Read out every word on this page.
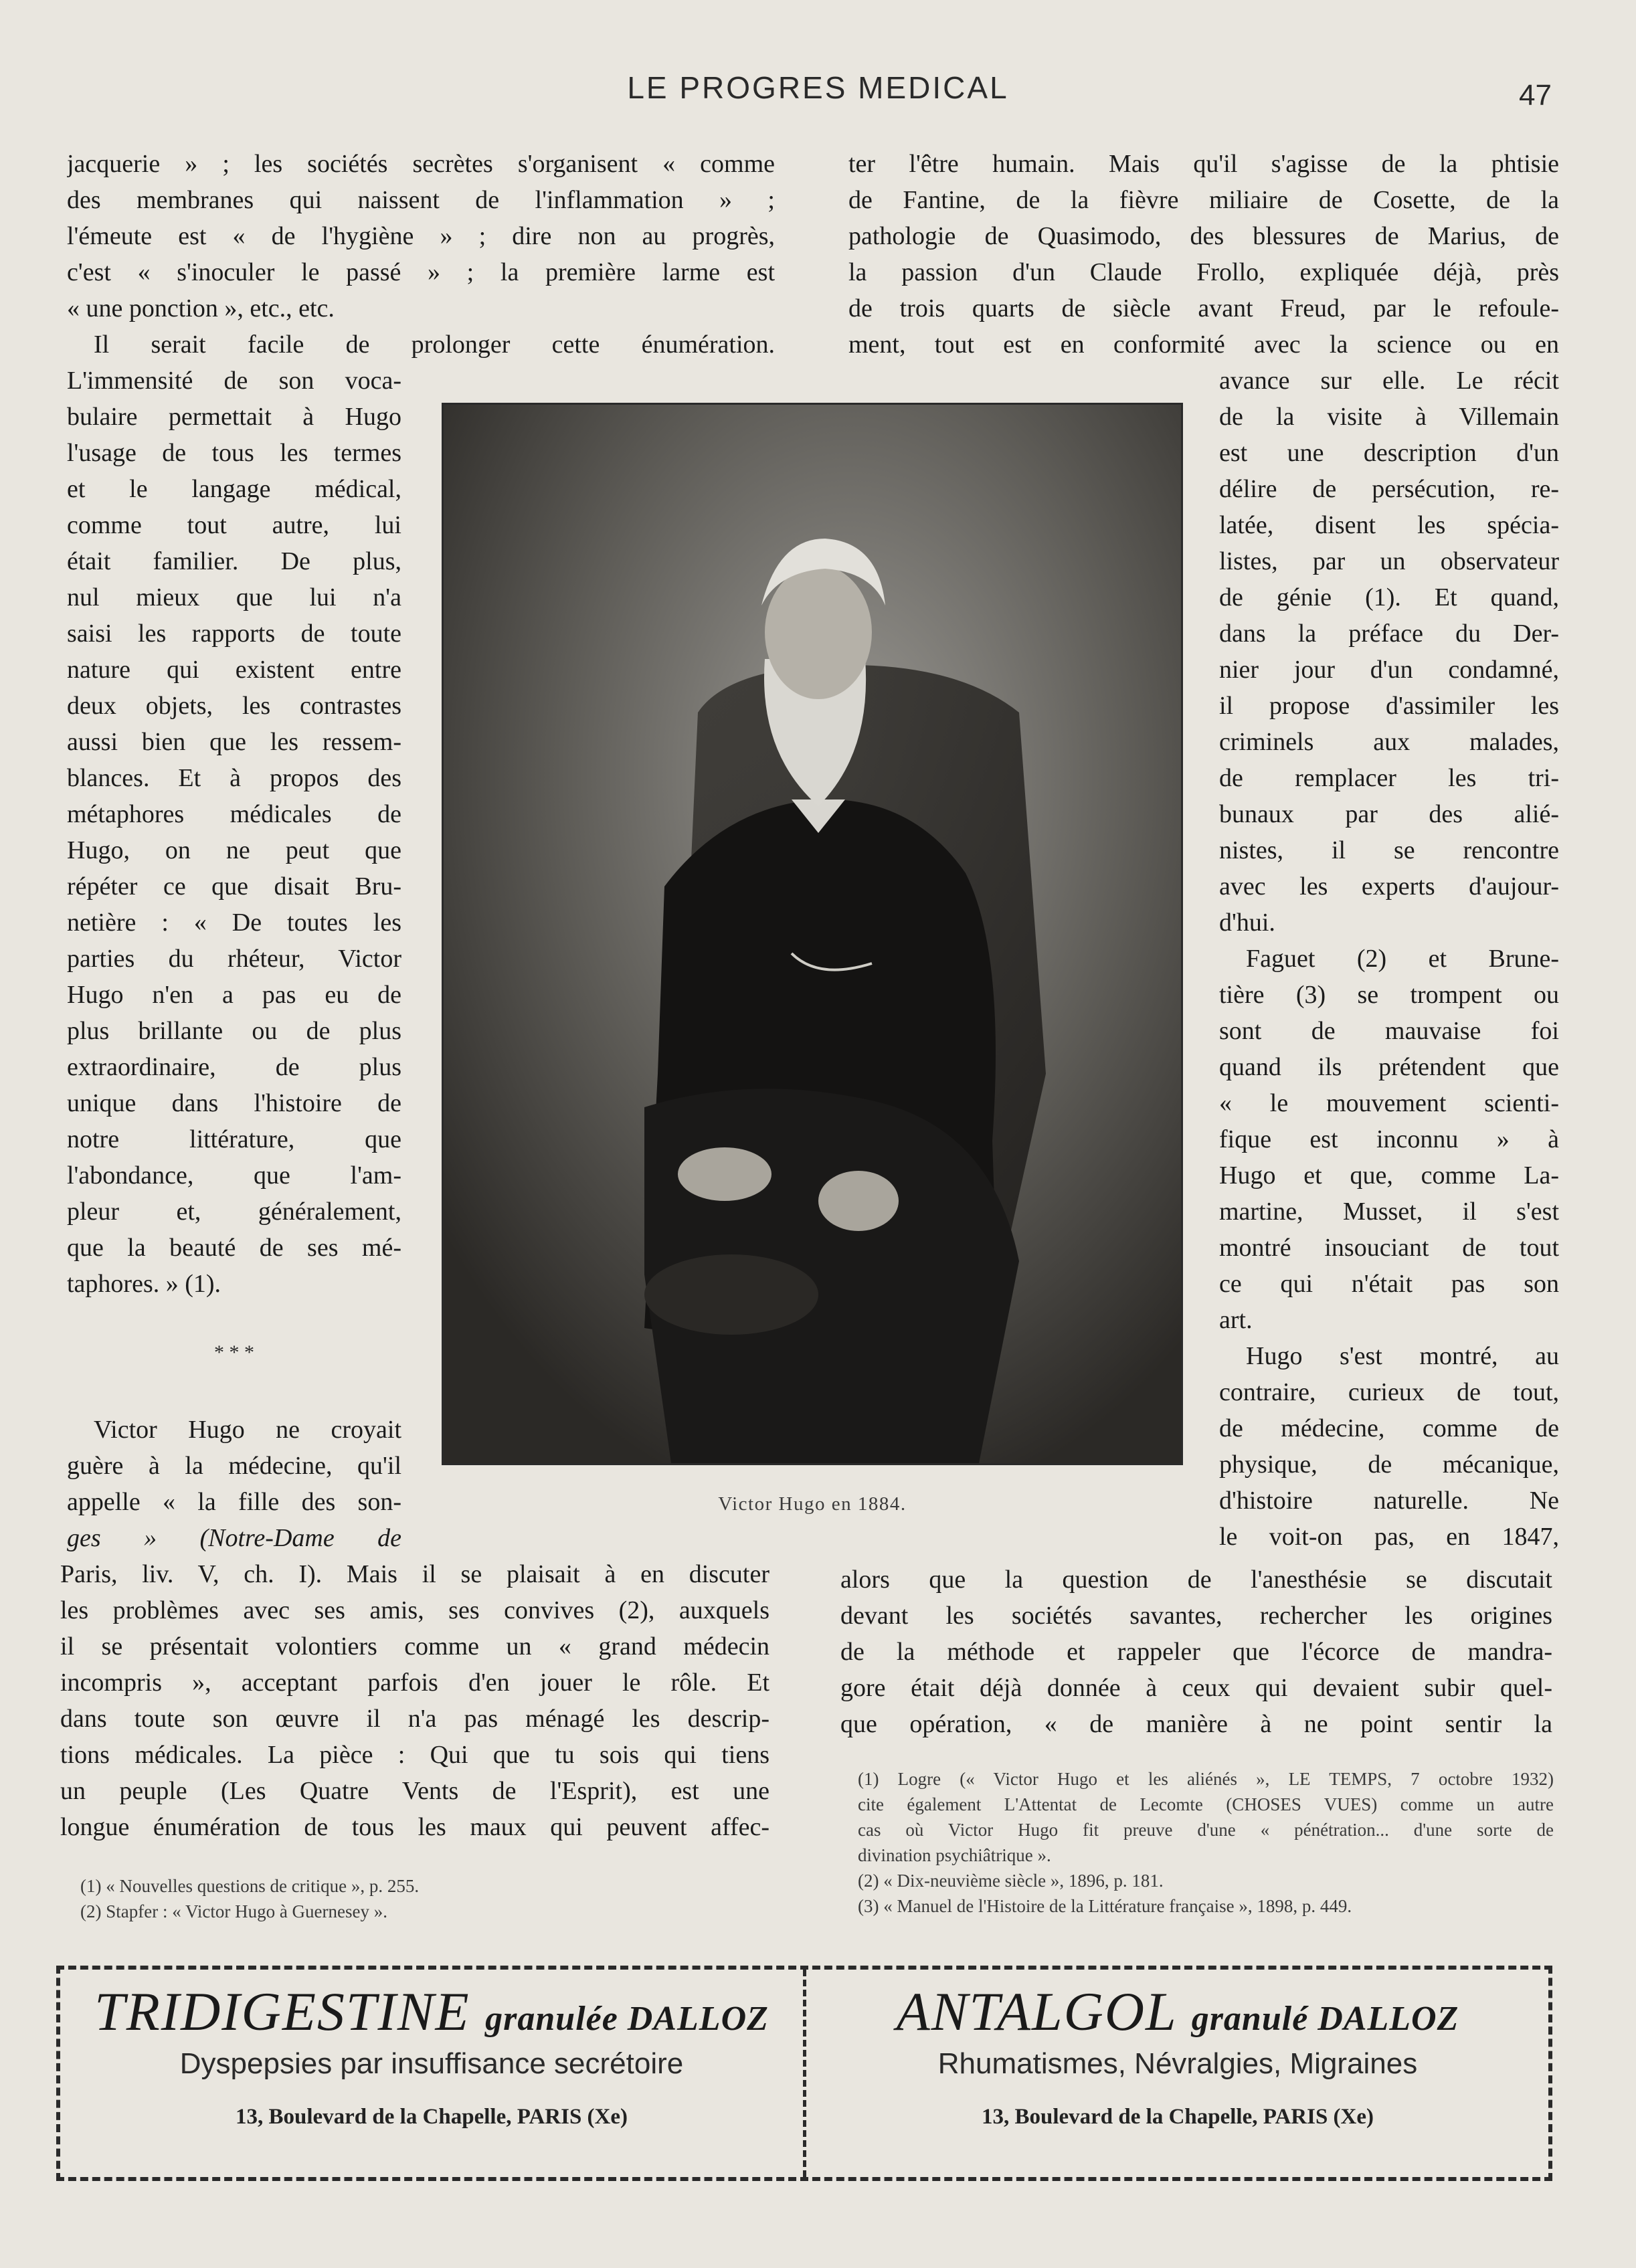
LE PROGRES MEDICAL	47
jacquerie » ; les sociétés secrètes s'organisent « comme
des membranes qui naissent de l'inflammation » ;
l'émeute est « de l'hygiène » ; dire non au progrès,
c'est « s'inoculer le passé » ; la première larme est
« une ponction », etc., etc.
Il serait facile de prolonger cette énumération.
L'immensité de son voca-
bulaire permettait à Hugo
l'usage de tous les termes
et le langage médical,
comme tout autre, lui
était familier. De plus,
nul mieux que lui n'a
saisi les rapports de toute
nature qui existent entre
deux objets, les contrastes
aussi bien que les ressem-
blances. Et à propos des
métaphores médicales de
Hugo, on ne peut que
répéter ce que disait Bru-
netière : « De toutes les
parties du rhéteur, Victor
Hugo n'en a pas eu de
plus brillante ou de plus
extraordinaire, de plus
unique dans l'histoire de
notre littérature, que
l'abondance, que l'am-
pleur et, généralement,
que la beauté de ses mé-
taphores. » (1).
* * *
Victor Hugo ne croyait
guère à la médecine, qu'il
appelle « la fille des son-
ges » (Notre-Dame de
Paris, liv. V, ch. I). Mais il se plaisait à en discuter
les problèmes avec ses amis, ses convives (2), auxquels
il se présentait volontiers comme un « grand médecin
incompris », acceptant parfois d'en jouer le rôle. Et
dans toute son œuvre il n'a pas ménagé les descrip-
tions médicales. La pièce : Qui que tu sois qui tiens
un peuple (Les Quatre Vents de l'Esprit), est une
longue énumération de tous les maux qui peuvent affec-
(1) « Nouvelles questions de critique », p. 255.
(2) Stapfer : « Victor Hugo à Guernesey ».
Victor Hugo en 1884.
ter l'être humain. Mais qu'il s'agisse de la phtisie
de Fantine, de la fièvre miliaire de Cosette, de la
pathologie de Quasimodo, des blessures de Marius, de
la passion d'un Claude Frollo, expliquée déjà, près
de trois quarts de siècle avant Freud, par le refoule-
ment, tout est en conformité avec la science ou en
avance sur elle. Le récit
de la visite à Villemain
est une description d'un
délire de persécution, re-
latée, disent les spécia-
listes, par un observateur
de génie (1). Et quand,
dans la préface du Der-
nier jour d'un condamné,
il propose d'assimiler les
criminels aux malades,
de remplacer les tri-
bunaux par des alié-
nistes, il se rencontre
avec les experts d'aujour-
d'hui.
Faguet (2) et Brune-
tière (3) se trompent ou
sont de mauvaise foi
quand ils prétendent que
« le mouvement scienti-
fique est inconnu » à
Hugo et que, comme La-
martine, Musset, il s'est
montré insouciant de tout
ce qui n'était pas son
art.
Hugo s'est montré, au
contraire, curieux de tout,
de médecine, comme de
physique, de mécanique,
d'histoire naturelle. Ne
le voit-on pas, en 1847,
alors que la question de l'anesthésie se discutait
devant les sociétés savantes, rechercher les origines
de la méthode et rappeler que l'écorce de mandra-
gore était déjà donnée à ceux qui devaient subir quel-
que opération, « de manière à ne point sentir la
(1) Logre (« Victor Hugo et les aliénés », LE TEMPS, 7 octobre 1932)
cite également L'Attentat de Lecomte (CHOSES VUES) comme un autre
cas où Victor Hugo fit preuve d'une « pénétration... d'une sorte de
divination psychiâtrique ».
(2) « Dix-neuvième siècle », 1896, p. 181.
(3) « Manuel de l'Histoire de la Littérature française », 1898, p. 449.
TRIDIGESTINE granulée DALLOZ
Dyspepsies par insuffisance secrétoire
13, Boulevard de la Chapelle, PARIS (Xe)
ANTALGOL granulé DALLOZ
Rhumatismes, Névralgies, Migraines
13, Boulevard de la Chapelle, PARIS (Xe)
